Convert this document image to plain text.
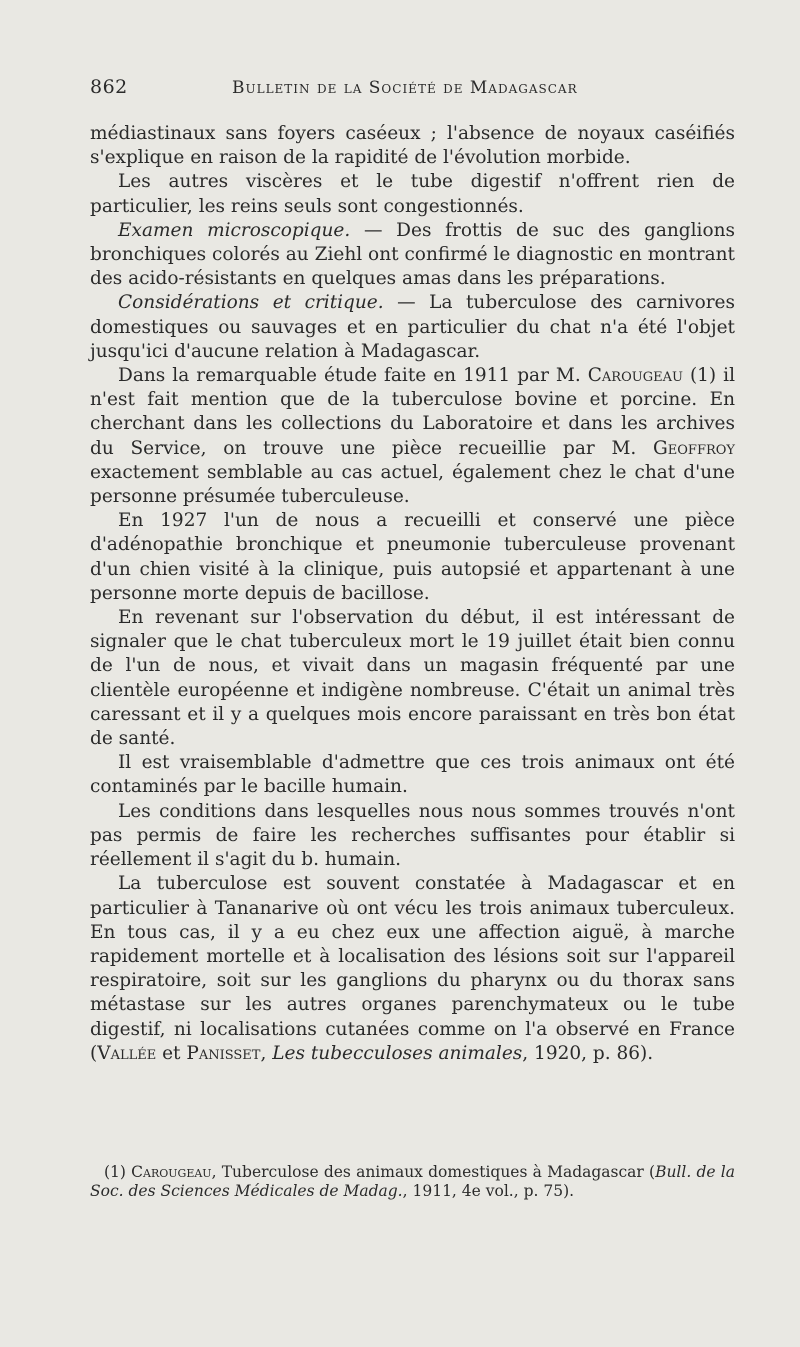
862	Bulletin de la Société de Madagascar

médiastinaux sans foyers caséeux ; l'absence de noyaux caséifiés s'explique en raison de la rapidité de l'évolution morbide.

Les autres viscères et le tube digestif n'offrent rien de particulier, les reins seuls sont congestionnés.

Examen microscopique. — Des frottis de suc des ganglions bronchiques colorés au Ziehl ont confirmé le diagnostic en montrant des acido-résistants en quelques amas dans les préparations.

Considérations et critique. — La tuberculose des carnivores domestiques ou sauvages et en particulier du chat n'a été l'objet jusqu'ici d'aucune relation à Madagascar.

Dans la remarquable étude faite en 1911 par M. Carougeau (1) il n'est fait mention que de la tuberculose bovine et porcine. En cherchant dans les collections du Laboratoire et dans les archives du Service, on trouve une pièce recueillie par M. Geoffroy exactement semblable au cas actuel, également chez le chat d'une personne présumée tuberculeuse.

En 1927 l'un de nous a recueilli et conservé une pièce d'adénopathie bronchique et pneumonie tuberculeuse provenant d'un chien visité à la clinique, puis autopsié et appartenant à une personne morte depuis de bacillose.

En revenant sur l'observation du début, il est intéressant de signaler que le chat tuberculeux mort le 19 juillet était bien connu de l'un de nous, et vivait dans un magasin fréquenté par une clientèle européenne et indigène nombreuse. C'était un animal très caressant et il y a quelques mois encore paraissant en très bon état de santé.

Il est vraisemblable d'admettre que ces trois animaux ont été contaminés par le bacille humain.

Les conditions dans lesquelles nous nous sommes trouvés n'ont pas permis de faire les recherches suffisantes pour établir si réellement il s'agit du b. humain.

La tuberculose est souvent constatée à Madagascar et en particulier à Tananarive où ont vécu les trois animaux tuberculeux. En tous cas, il y a eu chez eux une affection aiguë, à marche rapidement mortelle et à localisation des lésions soit sur l'appareil respiratoire, soit sur les ganglions du pharynx ou du thorax sans métastase sur les autres organes parenchymateux ou le tube digestif, ni localisations cutanées comme on l'a observé en France (Vallée et Panisset, Les tubecculoses animales, 1920, p. 86).

(1) Carougeau, Tuberculose des animaux domestiques à Madagascar (Bull. de la Soc. des Sciences Médicales de Madag., 1911, 4e vol., p. 75).
